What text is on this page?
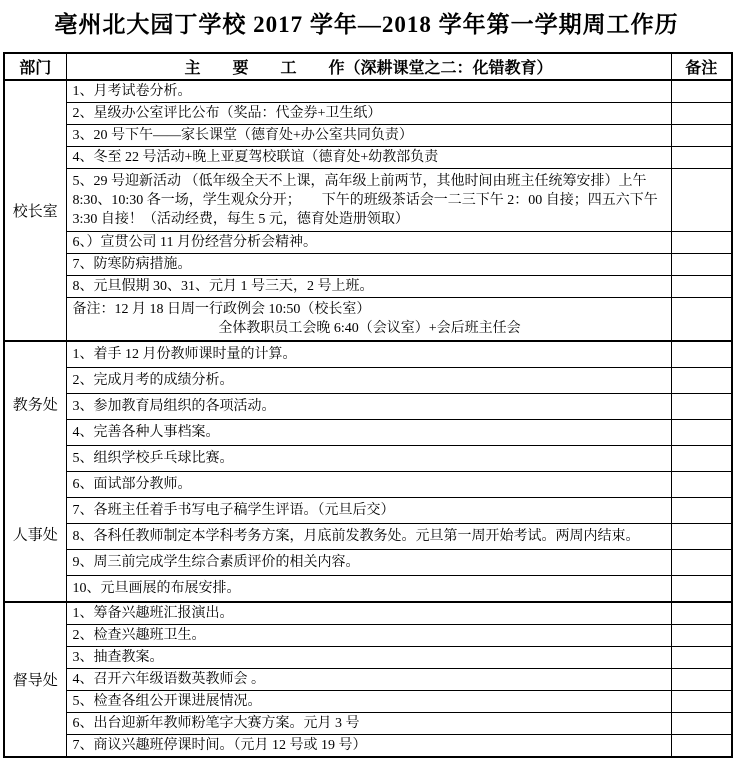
亳州北大园丁学校 2017 学年—2018 学年第一学期周工作历
部门	主　　要　　工　　作（深耕课堂之二：化错教育）	备注
校长室	1、月考试卷分析。	
	2、星级办公室评比公布（奖品：代金券+卫生纸）	
	3、20 号下午——家长课堂（德育处+办公室共同负责）	
	4、冬至 22 号活动+晚上亚夏驾校联谊（德育处+幼教部负责	
	5、29 号迎新活动 （低年级全天不上课，高年级上前两节，其他时间由班主任统筹安排）上午 8:30、10:30 各一场，学生观众分开；　　下午的班级茶话会一二三下午 2：00 自接；四五六下午 3:30 自接！（活动经费，每生 5 元，德育处造册领取）	
	6、）宣贯公司 11 月份经营分析会精神。	
	7、防寒防病措施。	
	8、元旦假期 30、31、元月 1 号三天，2 号上班。	

	备注：12 月 18 日周一行政例会 10:50（校长室）
全体教职员工会晚 6:40（会议室）+会后班主任会	

教务处
人事处	1、着手 12 月份教师课时量的计算。	
	2、完成月考的成绩分析。	
	3、参加教育局组织的各项活动。	
	4、完善各种人事档案。	
	5、组织学校乒乓球比赛。	
	6、面试部分教师。	
	7、各班主任着手书写电子稿学生评语。（元旦后交）	
	8、各科任教师制定本学科考务方案，月底前发教务处。元旦第一周开始考试。两周内结束。	
	9、周三前完成学生综合素质评价的相关内容。	
	10、元旦画展的布展安排。	
督导处	1、筹备兴趣班汇报演出。	
	2、检查兴趣班卫生。	
	3、抽查教案。	
	4、召开六年级语数英教师会 。	
	5、检查各组公开课进展情况。	
	6、出台迎新年教师粉笔字大赛方案。元月 3 号	
	7、商议兴趣班停课时间。（元月 12 号或 19 号）	
